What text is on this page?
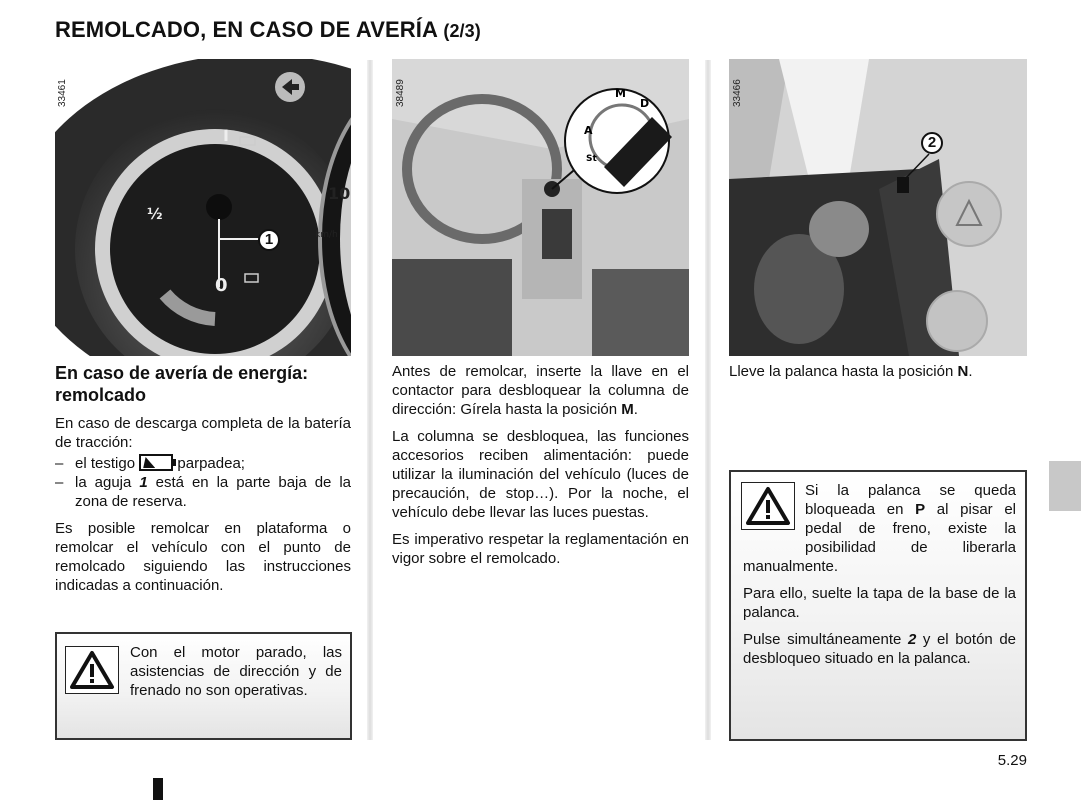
REMOLCADO, EN CASO DE AVERÍA (2/3)
I
½
0
10
km/h
33461
1
M
D
A
St
38489	33466
2
En caso de avería de energía: remolcado

En caso de descarga completa de la batería de tracción:

– el testigo	parpadea;

– la aguja 1 está en la parte baja de la zona de reserva.

Es posible remolcar en plataforma o remolcar el vehículo con el punto de remolcado siguiendo las instrucciones indicadas a continuación.

Con el motor parado, las asistencias de dirección y de frenado no son operativas.

Antes de remolcar, inserte la llave en el contactor para desbloquear la columna de dirección: Gírela hasta la posición M.

La columna se desbloquea, las funciones accesorios reciben alimentación: puede utilizar la iluminación del vehículo (luces de precaución, de stop…). Por la noche, el vehículo debe llevar las luces puestas.

Es imperativo respetar la reglamentación en vigor sobre el remolcado.

Lleve la palanca hasta la posición N.

Si la palanca se queda bloqueada en P al pisar el pedal de freno, existe la posibilidad de liberarla manualmente.

Para ello, suelte la tapa de la base de la palanca.

Pulse simultáneamente 2 y el botón de desbloqueo situado en la palanca.

5.29
